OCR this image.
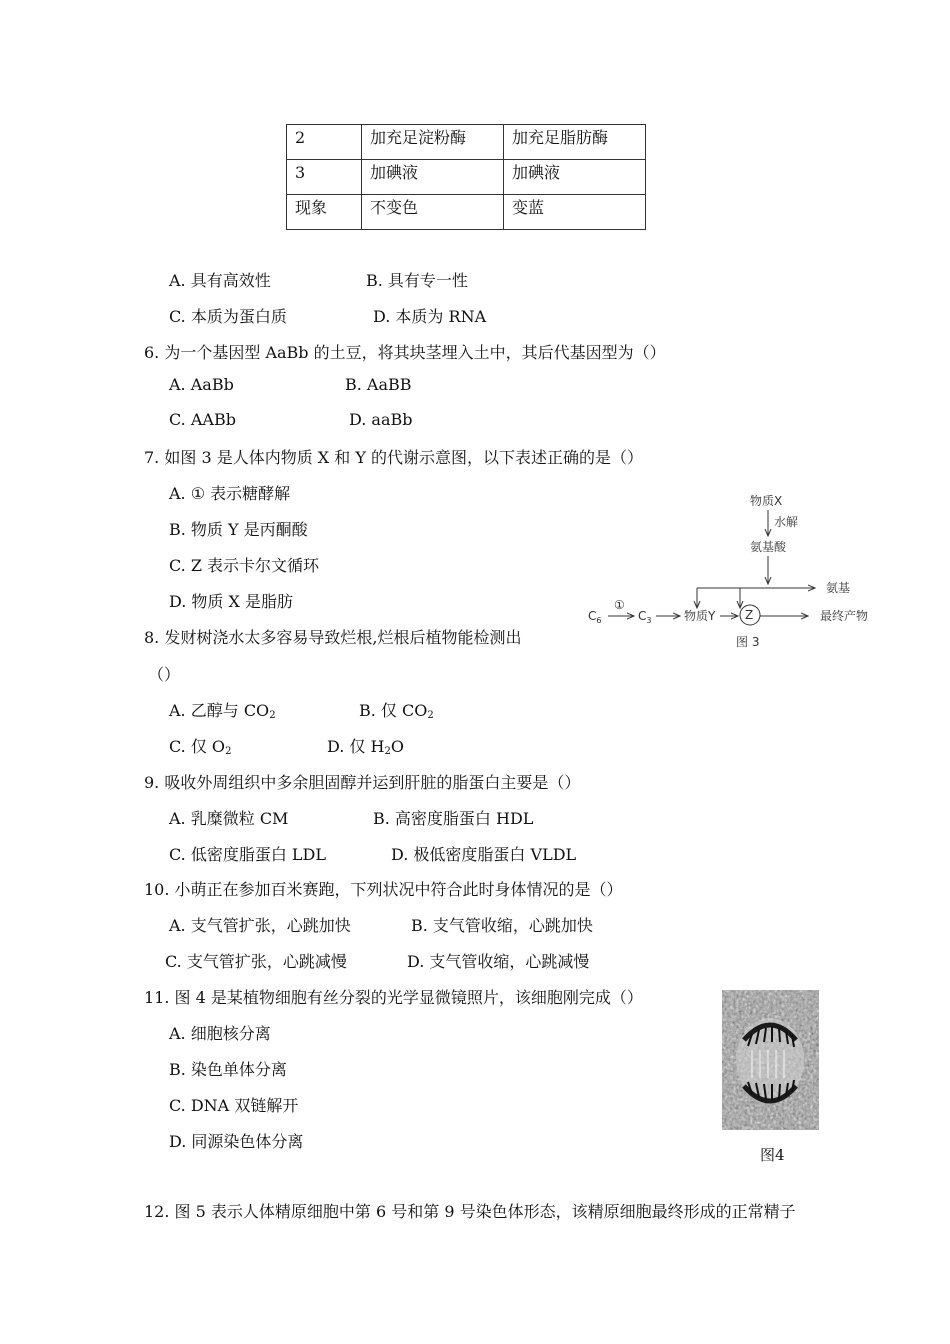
2	加充足淀粉酶	加充足脂肪酶
3	加碘液	加碘液
现象	不变色	变蓝
A. 具有高效性	B. 具有专一性
C. 本质为蛋白质	D. 本质为 RNA
6. 为一个基因型 AaBb 的土豆，将其块茎埋入土中，其后代基因型为（）
A. AaBb	B. AaBB
C. AABb	D. aaBb
7. 如图 3 是人体内物质 X 和 Y 的代谢示意图，以下表述正确的是（）
A. ① 表示糖酵解
B. 物质 Y 是丙酮酸
C. Z 表示卡尔文循环
D. 物质 X 是脂肪
物质X
水解
氨基酸
氨基
$C_6$
①
$C_3$	物质Y Z	最终产物
图 3
8. 发财树浇水太多容易导致烂根,烂根后植物能检测出
（）
A. 乙醇与 $CO_2$	B. 仅 $CO_2$
C. 仅 $O_2$	D. 仅 $H_2O$
9. 吸收外周组织中多余胆固醇并运到肝脏的脂蛋白主要是（）
A. 乳糜微粒 CM	B. 高密度脂蛋白 HDL
C. 低密度脂蛋白 LDL	D. 极低密度脂蛋白 VLDL
10. 小萌正在参加百米赛跑，下列状况中符合此时身体情况的是（）
A. 支气管扩张，心跳加快	B. 支气管收缩，心跳加快
C. 支气管扩张，心跳减慢	D. 支气管收缩，心跳减慢
11. 图 4 是某植物细胞有丝分裂的光学显微镜照片，该细胞刚完成（）
A. 细胞核分离
B. 染色单体分离
C. DNA 双链解开
D. 同源染色体分离
图4
12. 图 5 表示人体精原细胞中第 6 号和第 9 号染色体形态，该精原细胞最终形成的正常精子
